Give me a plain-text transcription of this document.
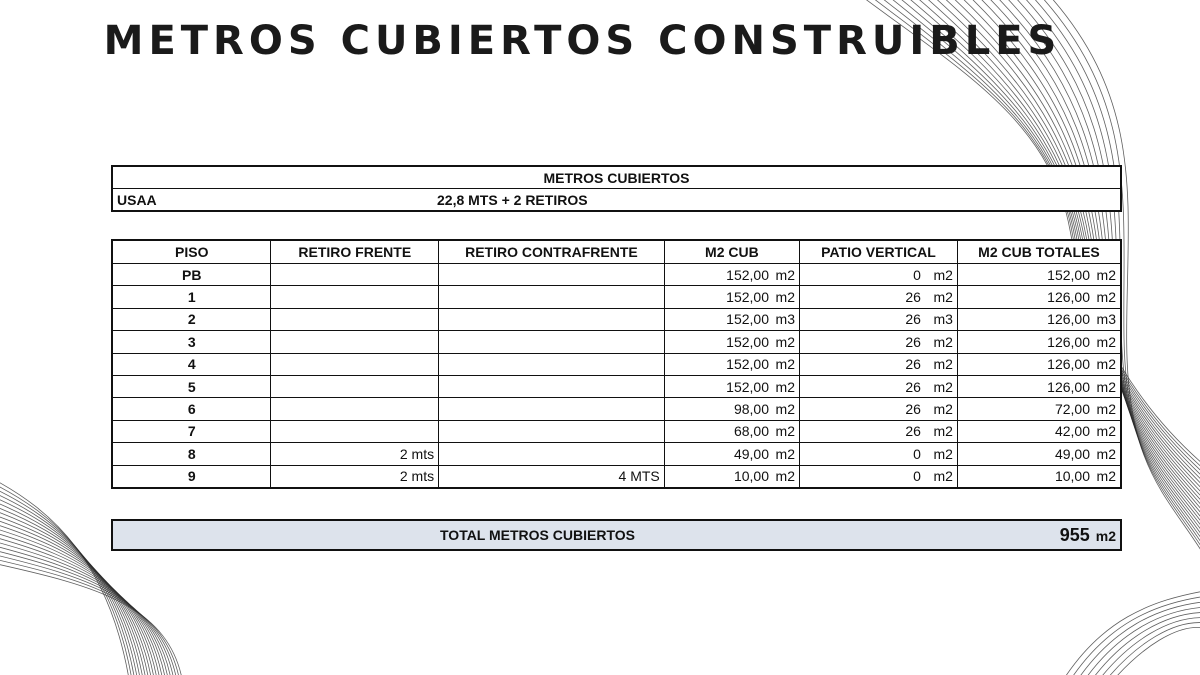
METROS CUBIERTOS CONSTRUIBLES
METROS CUBIERTOS
USAA	22,8 MTS + 2 RETIROS
PISO	RETIRO FRENTE	RETIRO CONTRAFRENTE	M2 CUB	PATIO VERTICAL	M2 CUB TOTALES
PB			152,00 m2	0 m2	152,00 m2
1			152,00 m2	26 m2	126,00 m2
2			152,00 m3	26 m3	126,00 m3
3			152,00 m2	26 m2	126,00 m2
4			152,00 m2	26 m2	126,00 m2
5			152,00 m2	26 m2	126,00 m2
6			98,00 m2	26 m2	72,00 m2
7			68,00 m2	26 m2	42,00 m2
8	2 mts		49,00 m2	0 m2	49,00 m2
9	2 mts	4 MTS	10,00 m2	0 m2	10,00 m2
TOTAL METROS CUBIERTOS	955 m2
